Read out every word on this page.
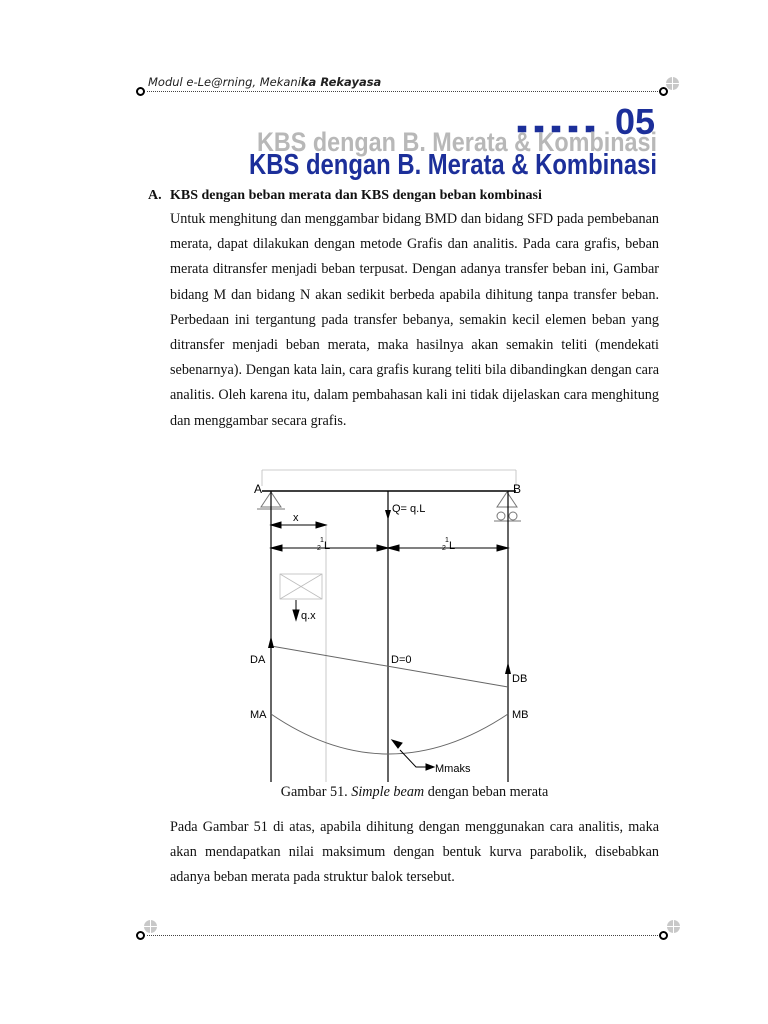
Modul e-Le@rning, Mekanika Rekayasa
05
KBS dengan B. Merata & Kombinasi
KBS dengan B. Merata & Kombinasi
A. KBS dengan beban merata dan KBS dengan beban kombinasi
Untuk menghitung dan menggambar bidang BMD dan bidang SFD pada pembebanan merata, dapat dilakukan dengan metode Grafis dan analitis. Pada cara grafis, beban merata ditransfer menjadi beban terpusat. Dengan adanya transfer beban ini, Gambar bidang M dan bidang N akan sedikit berbeda apabila dihitung tanpa transfer beban. Perbedaan ini tergantung pada transfer bebanya, semakin kecil elemen beban yang ditransfer menjadi beban merata, maka hasilnya akan semakin teliti (mendekati sebenarnya). Dengan kata lain, cara grafis kurang teliti bila dibandingkan dengan cara analitis. Oleh karena itu, dalam pembahasan kali ini tidak dijelaskan cara menghitung dan menggambar secara grafis.
A	B
Q= q.L
x
1
2 L	1
2 L
q.x
DA	D=0
DB
MA	MB
Mmaks
Gambar 51. Simple beam dengan beban merata
Pada Gambar 51 di atas, apabila dihitung dengan menggunakan cara analitis, maka akan mendapatkan nilai maksimum dengan bentuk kurva parabolik, disebabkan adanya beban merata pada struktur balok tersebut.
